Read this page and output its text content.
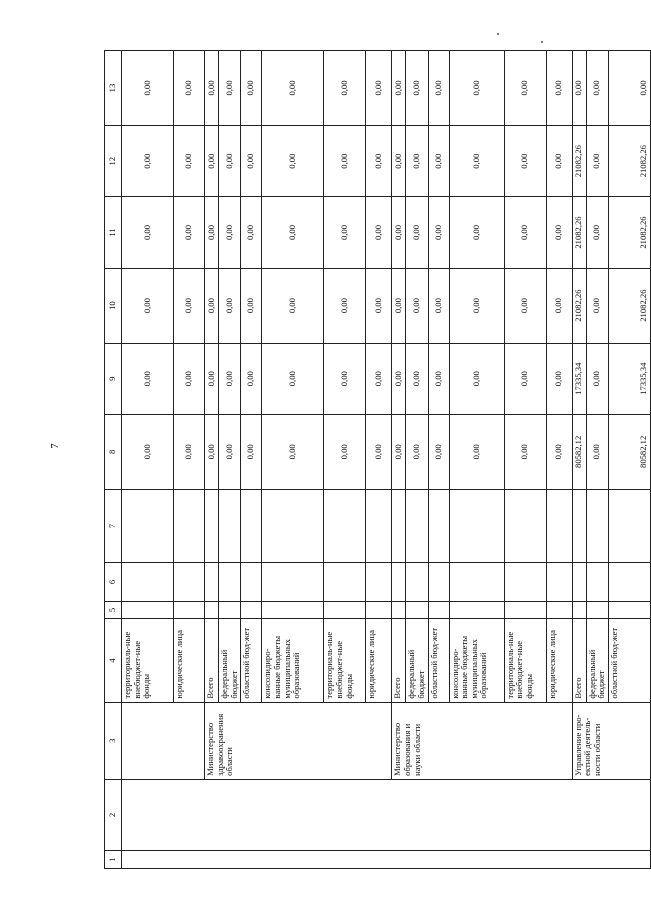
7
1	2	3	4	5	6	7	8	9	10	11	12	13
			территориаль-ные внебюджет-ные фонды				0,00	0,00	0,00	0,00	0,00	0,00
			юридические лица				0,00	0,00	0,00	0,00	0,00	0,00
		Министерство здравоохранения области	Всего				0,00	0,00	0,00	0,00	0,00	0,00
			федеральный бюджет				0,00	0,00	0,00	0,00	0,00	0,00
			областной бюд-жет				0,00	0,00	0,00	0,00	0,00	0,00
			консолидиро-ванные бюджеты муниципальных образований				0,00	0,00	0,00	0,00	0,00	0,00
			территориаль-ные внебюджет-ные фонды				0,00	0,00	0,00	0,00	0,00	0,00
			юридические лица				0,00	0,00	0,00	0,00	0,00	0,00
		Министерство образования и науки области	Всего				0,00	0,00	0,00	0,00	0,00	0,00
			федеральный бюджет				0,00	0,00	0,00	0,00	0,00	0,00
			областной бюд-жет				0,00	0,00	0,00	0,00	0,00	0,00
			консолидиро-ванные бюджеты муниципальных образований				0,00	0,00	0,00	0,00	0,00	0,00
			территориаль-ные внебюджет-ные фонды				0,00	0,00	0,00	0,00	0,00	0,00
			юридические лица				0,00	0,00	0,00	0,00	0,00	0,00
		Управление про-ектной деятель-ности области	Всего				80582,12	17335,34	21082,26	21082,26	21082,26	0,00
			федеральный бюджет				0,00	0,00	0,00	0,00	0,00	0,00
			областной бюд-жет				80582,12	17335,34	21082,26	21082,26	21082,26	0,00
